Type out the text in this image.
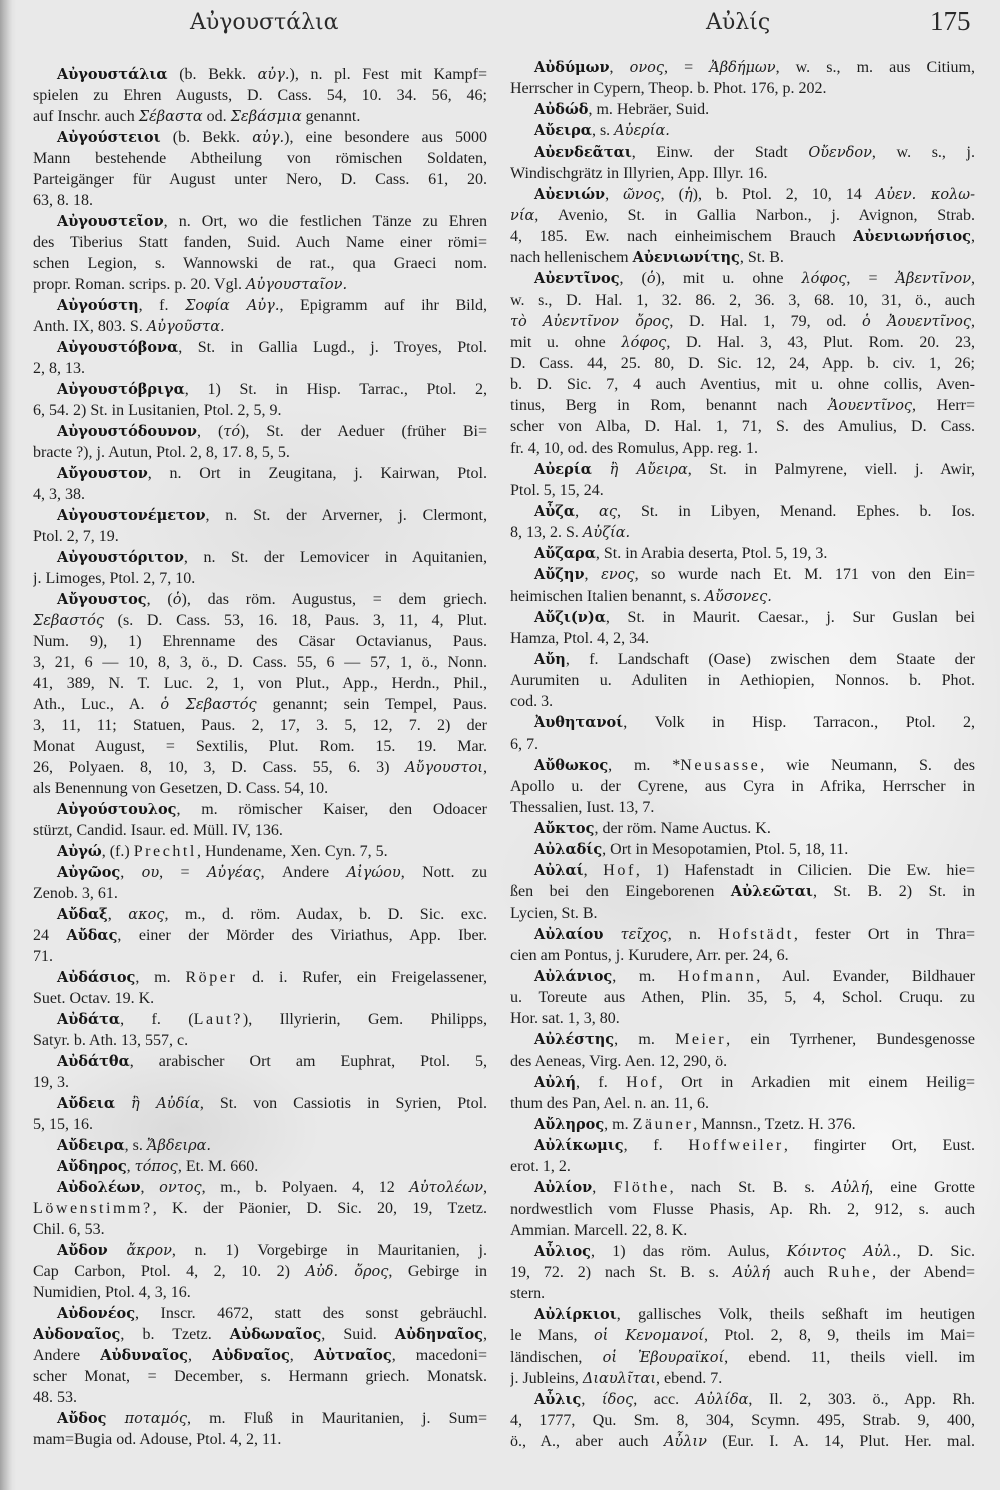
Αὐγουστάλια	Αὐλίς	175
Αὐγουστάλια (b. Bekk. αὐγ.), n. pl. Fest mit Kampf=
spielen zu Ehren Augusts, D. Cass. 54, 10. 34. 56, 46;
auf Inschr. auch Σέβαστα od. Σεβάσμια genannt.
Αὐγούστειοι (b. Bekk. αὐγ.), eine besondere aus 5000
Mann bestehende Abtheilung von römischen Soldaten,
Parteigänger für August unter Nero, D. Cass. 61, 20.
63, 8. 18.
Αὐγουστεῖον, n. Ort, wo die festlichen Tänze zu Ehren
des Tiberius Statt fanden, Suid. Auch Name einer römi=
schen Legion, s. Wannowski de rat., qua Graeci nom.
propr. Roman. scrips. p. 20. Vgl. Αὐγουσταῖον.
Αὐγούστη, f. Σοφία Αὐγ., Epigramm auf ihr Bild,
Anth. IX, 803. S. Αὐγοῦστα.
Αὐγουστόβονα, St. in Gallia Lugd., j. Troyes, Ptol.
2, 8, 13.
Αὐγουστόβριγα, 1) St. in Hisp. Tarrac., Ptol. 2,
6, 54. 2) St. in Lusitanien, Ptol. 2, 5, 9.
Αὐγουστόδουνον, (τό), St. der Aeduer (früher Bi=
bracte ?), j. Autun, Ptol. 2, 8, 17. 8, 5, 5.
Αὔγουστον, n. Ort in Zeugitana, j. Kairwan, Ptol.
4, 3, 38.
Αὐγουστονέμετον, n. St. der Arverner, j. Clermont,
Ptol. 2, 7, 19.
Αὐγουστόριτον, n. St. der Lemovicer in Aquitanien,
j. Limoges, Ptol. 2, 7, 10.
Αὔγουστος, (ὁ), das röm. Augustus, = dem griech.
Σεβαστός (s. D. Cass. 53, 16. 18, Paus. 3, 11, 4, Plut.
Num. 9), 1) Ehrenname des Cäsar Octavianus, Paus.
3, 21, 6 — 10, 8, 3, ö., D. Cass. 55, 6 — 57, 1, ö., Nonn.
41, 389, N. T. Luc. 2, 1, von Plut., App., Herdn., Phil.,
Ath., Luc., A. ὁ Σεβαστός genannt; sein Tempel, Paus.
3, 11, 11; Statuen, Paus. 2, 17, 3. 5, 12, 7. 2) der
Monat August, = Sextilis, Plut. Rom. 15. 19. Mar.
26, Polyaen. 8, 10, 3, D. Cass. 55, 6. 3) Αὔγουστοι,
als Benennung von Gesetzen, D. Cass. 54, 10.
Αὐγούστουλος, m. römischer Kaiser, den Odoacer
stürzt, Candid. Isaur. ed. Müll. IV, 136.
Αὐγώ, (f.) Prechtl, Hundename, Xen. Cyn. 7, 5.
Αὐγῶος, ου, = Αὐγέας, Andere Αἰγώου, Nott. zu
Zenob. 3, 61.
Αὔδαξ, ακος, m., d. röm. Audax, b. D. Sic. exc.
24 Αὔδας, einer der Mörder des Viriathus, App. Iber.
71.
Αὐδάσιος, m. Röper d. i. Rufer, ein Freigelassener,
Suet. Octav. 19. K.
Αὐδάτα, f. (Laut?), Illyrierin, Gem. Philipps,
Satyr. b. Ath. 13, 557, c.
Αὐδάτθα, arabischer Ort am Euphrat, Ptol. 5,
19, 3.
Αὔδεια ἢ Αὐδία, St. von Cassiotis in Syrien, Ptol.
5, 15, 16.
Αὔδειρα, s. Ἄβδειρα.
Αὔδηρος, τόπος, Et. M. 660.
Αὐδολέων, οντος, m., b. Polyaen. 4, 12 Αὐτολέων,
Löwenstimm?, K. der Päonier, D. Sic. 20, 19, Tzetz.
Chil. 6, 53.
Αὔδον ἄκρον, n. 1) Vorgebirge in Mauritanien, j.
Cap Carbon, Ptol. 4, 2, 10. 2) Αὐδ. ὄρος, Gebirge in
Numidien, Ptol. 4, 3, 16.
Αὐδονέος, Inscr. 4672, statt des sonst gebräuchl.
Αὐδοναῖος, b. Tzetz. Αὐδωναῖος, Suid. Αὐδηναῖος,
Andere Αὐδυναῖος, Αὐδναῖος, Αὐτναῖος, macedoni=
scher Monat, = December, s. Hermann griech. Monatsk.
48. 53.
Αὔδος ποταμός, m. Fluß in Mauritanien, j. Sum=
mam=Bugia od. Adouse, Ptol. 4, 2, 11.
Αὐδύμων, ονος, = Ἀβδήμων, w. s., m. aus Citium,
Herrscher in Cypern, Theop. b. Phot. 176, p. 202.
Αὐδώδ, m. Hebräer, Suid.
Αὔειρα, s. Αὐερία.
Αὐενδεᾶται, Einw. der Stadt Οὔενδον, w. s., j.
Windischgrätz in Illyrien, App. Illyr. 16.
Αὐενιών, ῶνος, (ἡ), b. Ptol. 2, 10, 14 Αὐεν. κολω-
νία, Avenio, St. in Gallia Narbon., j. Avignon, Strab.
4, 185. Ew. nach einheimischem Brauch Αὐενιωνήσιος,
nach hellenischem Αὐενιωνίτης, St. B.
Αὐεντῖνος, (ὁ), mit u. ohne λόφος, = Ἀβεντῖνον,
w. s., D. Hal. 1, 32. 86. 2, 36. 3, 68. 10, 31, ö., auch
τὸ Αὐεντῖνον ὄρος, D. Hal. 1, 79, od. ὁ Ἀουεντῖνος,
mit u. ohne λόφος, D. Hal. 3, 43, Plut. Rom. 20. 23,
D. Cass. 44, 25. 80, D. Sic. 12, 24, App. b. civ. 1, 26;
b. D. Sic. 7, 4 auch Aventius, mit u. ohne collis, Aven-
tinus, Berg in Rom, benannt nach Ἀουεντῖνος, Herr=
scher von Alba, D. Hal. 1, 71, S. des Amulius, D. Cass.
fr. 4, 10, od. des Romulus, App. reg. 1.
Αὐερία ἢ Αὔειρα, St. in Palmyrene, viell. j. Awir,
Ptol. 5, 15, 24.
Αὖζα, ας, St. in Libyen, Menand. Ephes. b. Ios.
8, 13, 2. S. Αὐζία.
Αὔζαρα, St. in Arabia deserta, Ptol. 5, 19, 3.
Αὔζην, ενος, so wurde nach Et. M. 171 von den Ein=
heimischen Italien benannt, s. Αὔσονες.
Αὔζι(ν)α, St. in Maurit. Caesar., j. Sur Guslan bei
Hamza, Ptol. 4, 2, 34.
Αὔη, f. Landschaft (Oase) zwischen dem Staate der
Aurumiten u. Aduliten in Aethiopien, Nonnos. b. Phot.
cod. 3.
Ἀυθητανοί, Volk in Hisp. Tarracon., Ptol. 2,
6, 7.
Αὔθωκος, m. *Neusasse, wie Neumann, S. des
Apollo u. der Cyrene, aus Cyra in Afrika, Herrscher in
Thessalien, Iust. 13, 7.
Αὔκτος, der röm. Name Auctus. K.
Αὐλαδίς, Ort in Mesopotamien, Ptol. 5, 18, 11.
Αὐλαί, Hof, 1) Hafenstadt in Cilicien. Die Ew. hie=
ßen bei den Eingeborenen Αὐλεῶται, St. B. 2) St. in
Lycien, St. B.
Αὐλαίου τεῖχος, n. Hofstädt, fester Ort in Thra=
cien am Pontus, j. Kurudere, Arr. per. 24, 6.
Αὐλάνιος, m. Hofmann, Aul. Evander, Bildhauer
u. Toreute aus Athen, Plin. 35, 5, 4, Schol. Cruqu. zu
Hor. sat. 1, 3, 80.
Αὐλέστης, m. Meier, ein Tyrrhener, Bundesgenosse
des Aeneas, Virg. Aen. 12, 290, ö.
Αὐλή, f. Hof, Ort in Arkadien mit einem Heilig=
thum des Pan, Ael. n. an. 11, 6.
Αὔληρος, m. Zäuner, Mannsn., Tzetz. H. 376.
Αὐλίκωμις, f. Hoffweiler, fingirter Ort, Eust.
erot. 1, 2.
Αὐλίον, Flöthe, nach St. B. s. Αὐλή, eine Grotte
nordwestlich vom Flusse Phasis, Ap. Rh. 2, 912, s. auch
Ammian. Marcell. 22, 8. K.
Αὖλιος, 1) das röm. Aulus, Κόιντος Αὐλ., D. Sic.
19, 72. 2) nach St. B. s. Αὐλή auch Ruhe, der Abend=
stern.
Αὐλίρκιοι, gallisches Volk, theils seßhaft im heutigen
le Mans, οἱ Κενομανοί, Ptol. 2, 8, 9, theils im Mai=
ländischen, οἱ Ἐβουραϊκοί, ebend. 11, theils viell. im
j. Jubleins, Διαυλῖται, ebend. 7.
Αὖλις, ίδος, acc. Αὐλίδα, Il. 2, 303. ö., App. Rh.
4, 1777, Qu. Sm. 8, 304, Scymn. 495, Strab. 9, 400,
ö., A., aber auch Αὖλιν (Eur. I. A. 14, Plut. Her. mal.
